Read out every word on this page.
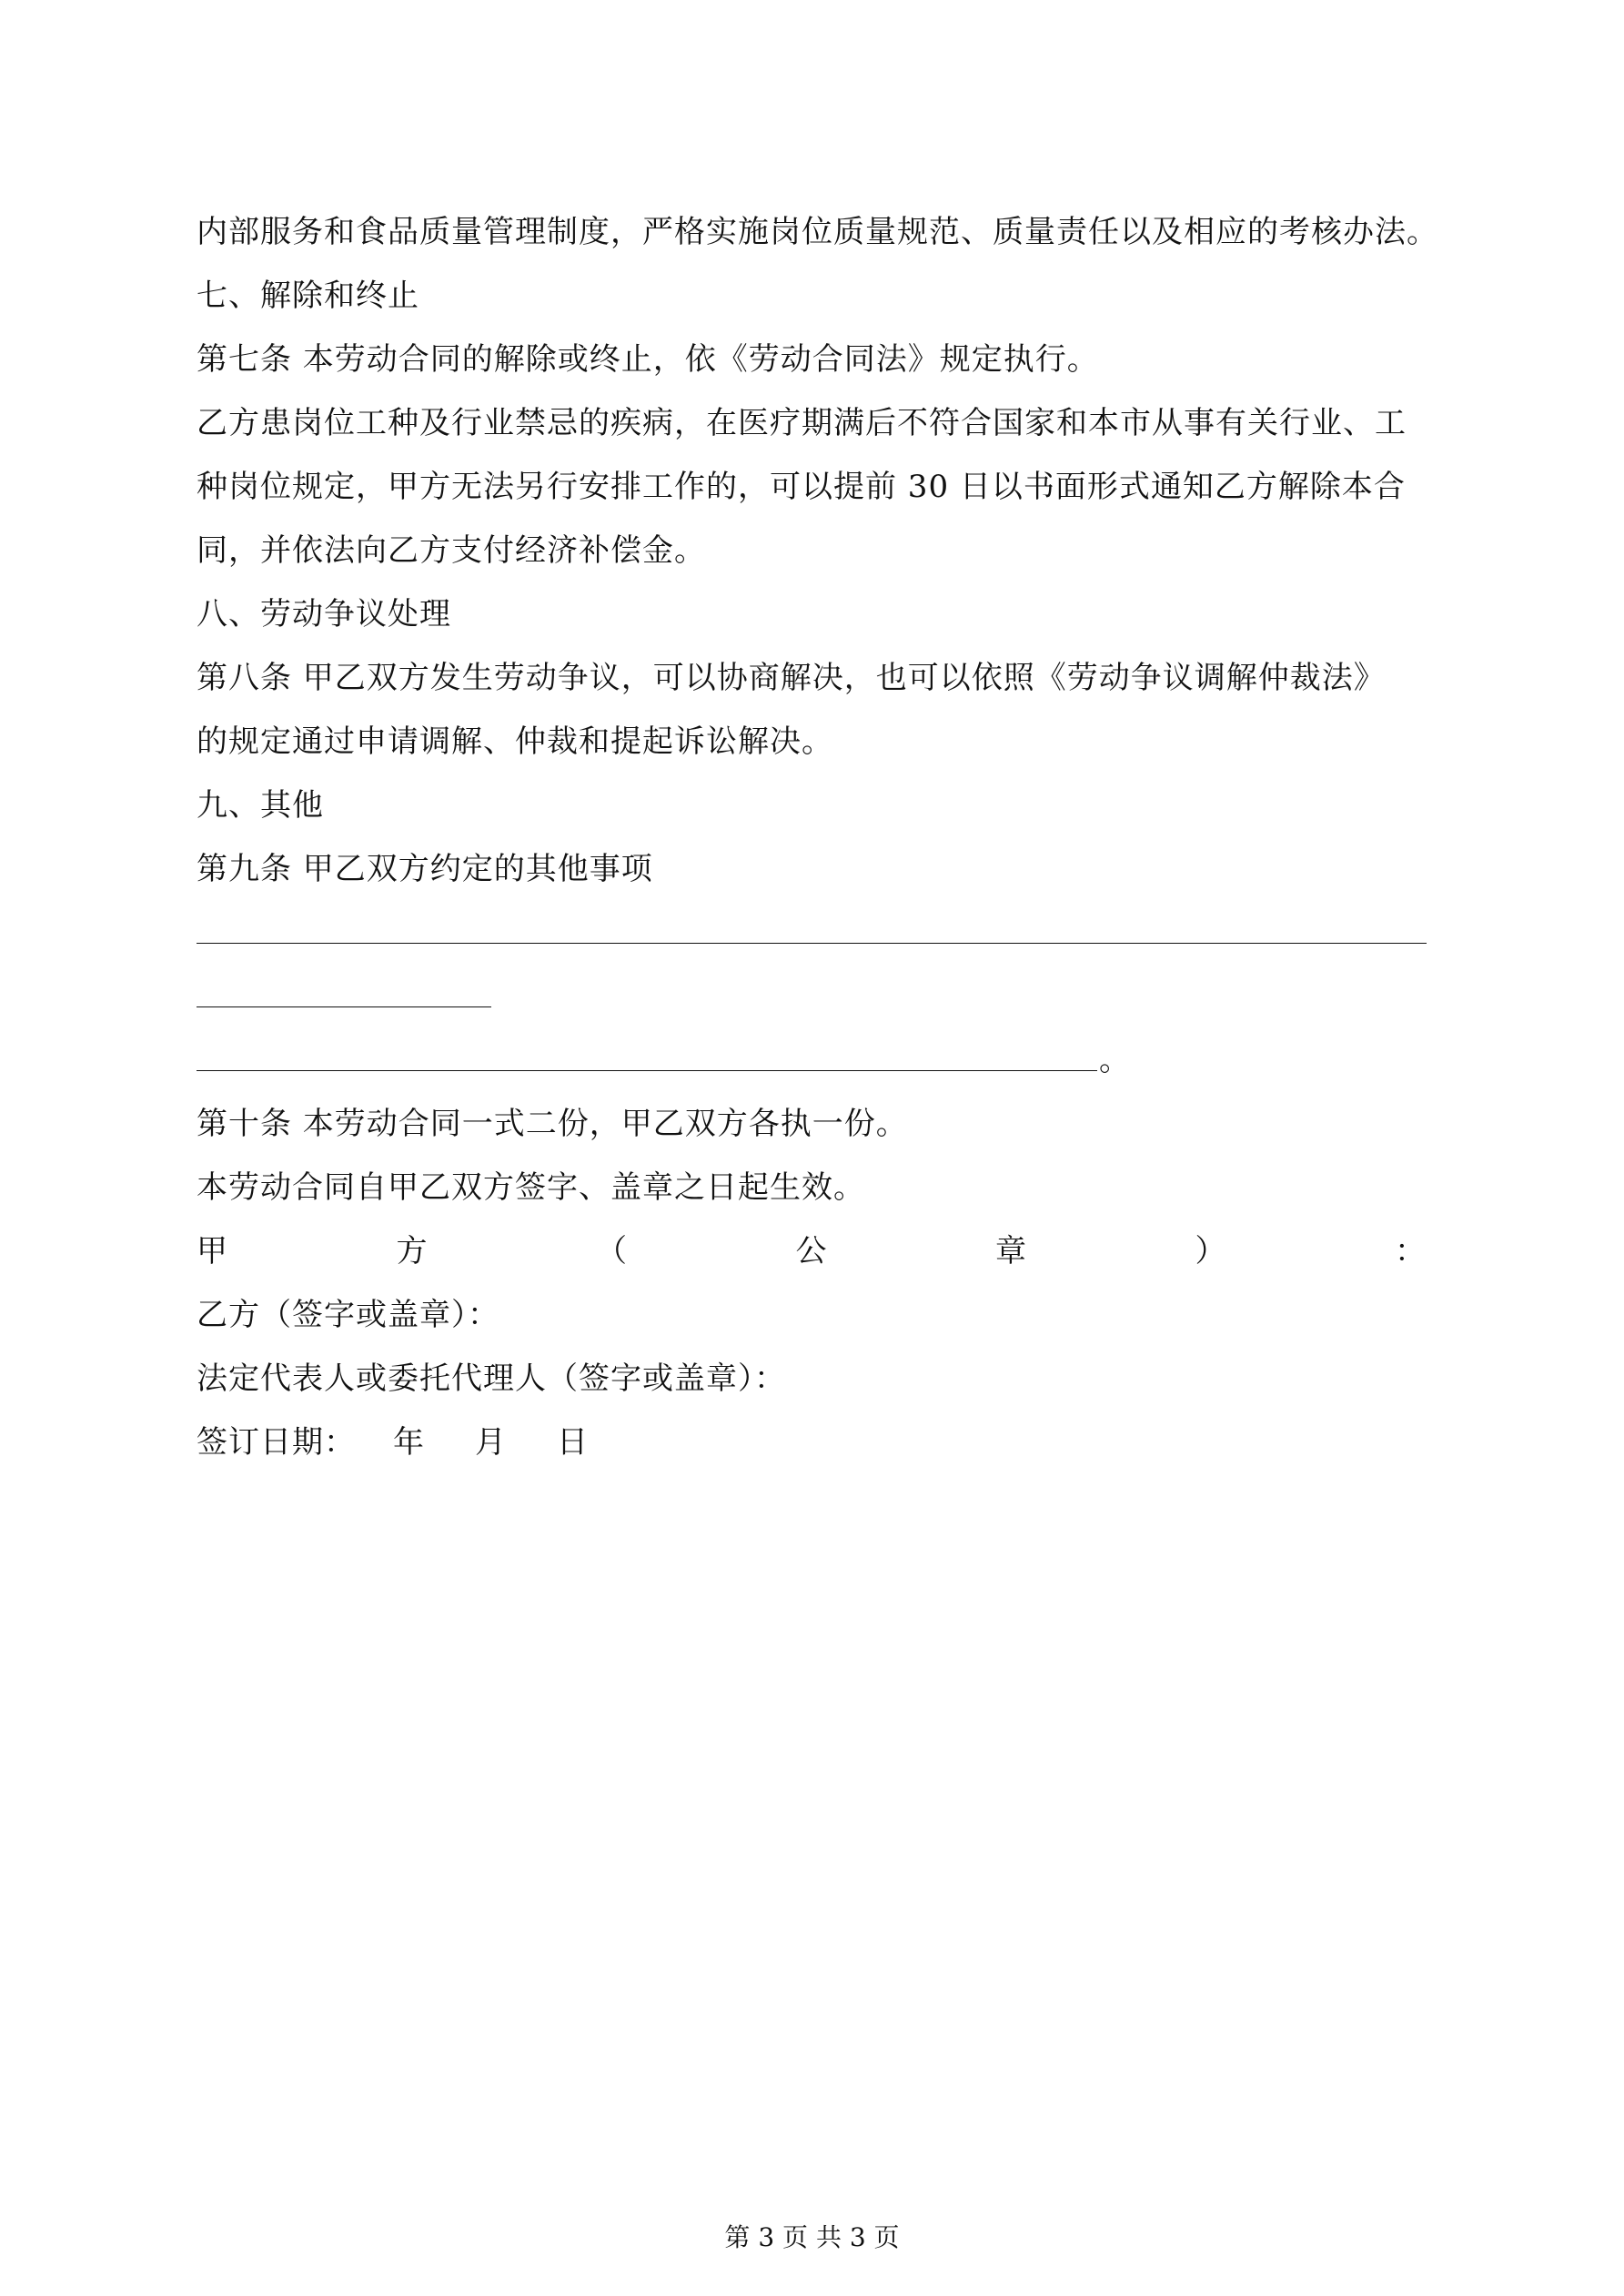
内部服务和食品质量管理制度，严格实施岗位质量规范、质量责任以及相应的考核办法。
七、解除和终止
第七条 本劳动合同的解除或终止，依《劳动合同法》规定执行。
乙方患岗位工种及行业禁忌的疾病，在医疗期满后不符合国家和本市从事有关行业、工
种岗位规定，甲方无法另行安排工作的，可以提前 30 日以书面形式通知乙方解除本合
同，并依法向乙方支付经济补偿金。
八、劳动争议处理
第八条 甲乙双方发生劳动争议，可以协商解决，也可以依照《劳动争议调解仲裁法》
的规定通过申请调解、仲裁和提起诉讼解决。
九、其他
第九条 甲乙双方约定的其他事项
。
第十条 本劳动合同一式二份，甲乙双方各执一份。
本劳动合同自甲乙双方签字、盖章之日起生效。
甲	方	（	公	章	）	：
乙方（签字或盖章）：
法定代表人或委托代理人（签字或盖章）：
签订日期： 年 月 日
第 3 页 共 3 页
